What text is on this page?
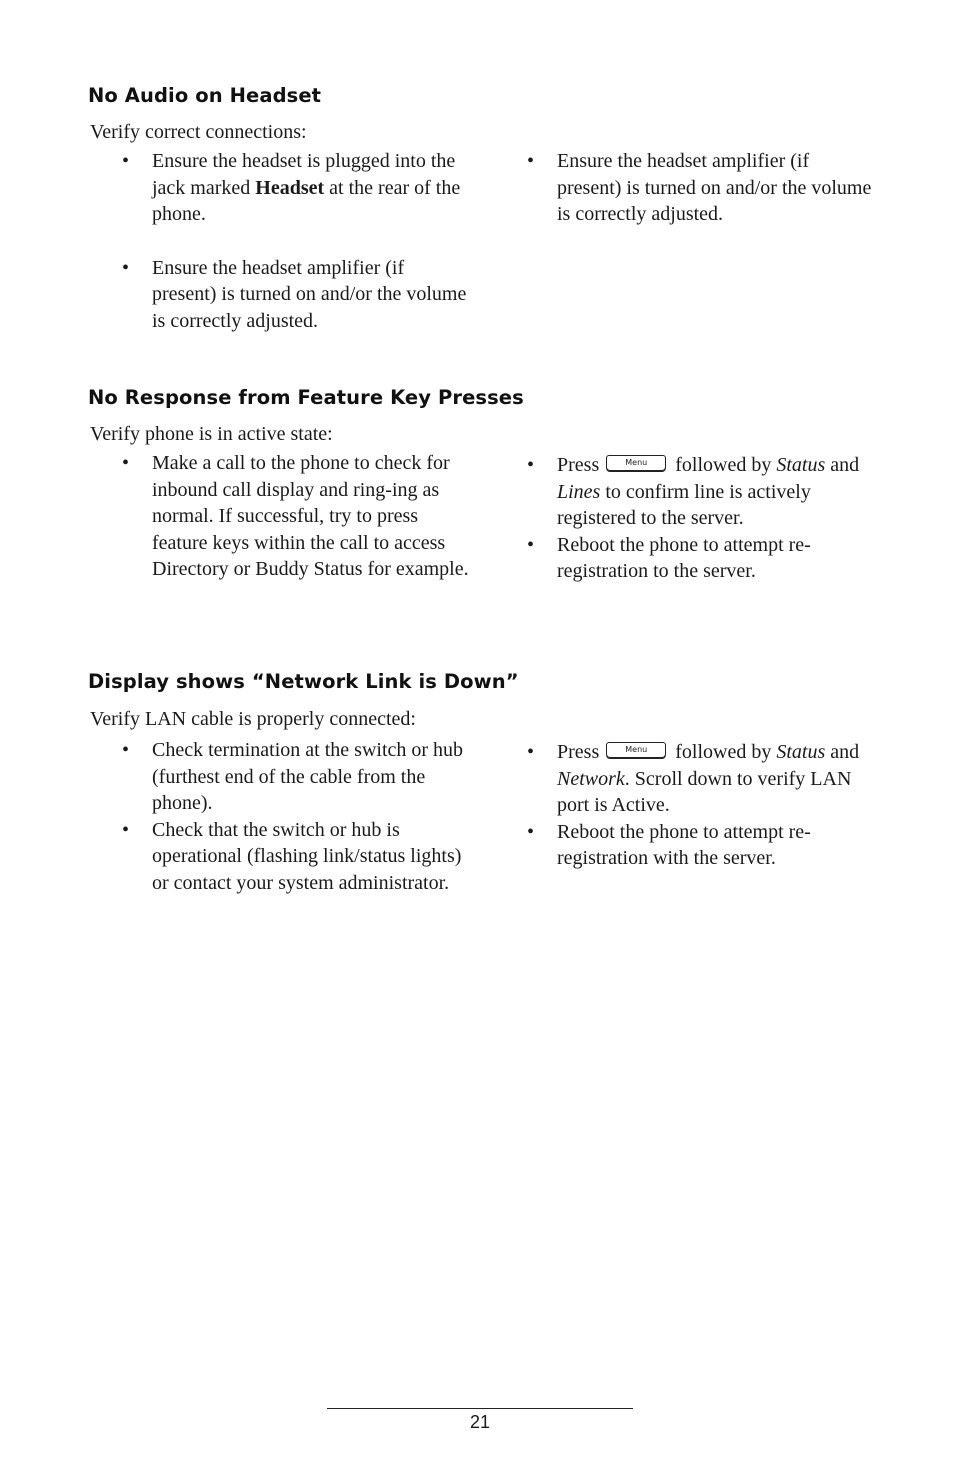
No Audio on Headset

Verify correct connections:

• Ensure the headset is plugged into the jack marked Headset at the rear of the phone.
• Ensure the headset amplifier (if present) is turned on and/or the volume is correctly adjusted.
• Ensure the headset amplifier (if present) is turned on and/or the volume is correctly adjusted.
No Response from Feature Key Presses

Verify phone is in active state:

• Make a call to the phone to check for inbound call display and ring-ing as normal. If successful, try to press feature keys within the call to access Directory or Buddy Status for example.
• Press	Menu followed by Status and Lines to confirm line is actively registered to the server.
• Reboot the phone to attempt re-registration to the server.
Display shows “Network Link is Down”

Verify LAN cable is properly connected:

• Check termination at the switch or hub (furthest end of the cable from the phone).
• Check that the switch or hub is operational (flashing link/status lights) or contact your system administrator.
• Press	Menu followed by Status and Network. Scroll down to verify LAN port is Active.
• Reboot the phone to attempt re-registration with the server.
21
